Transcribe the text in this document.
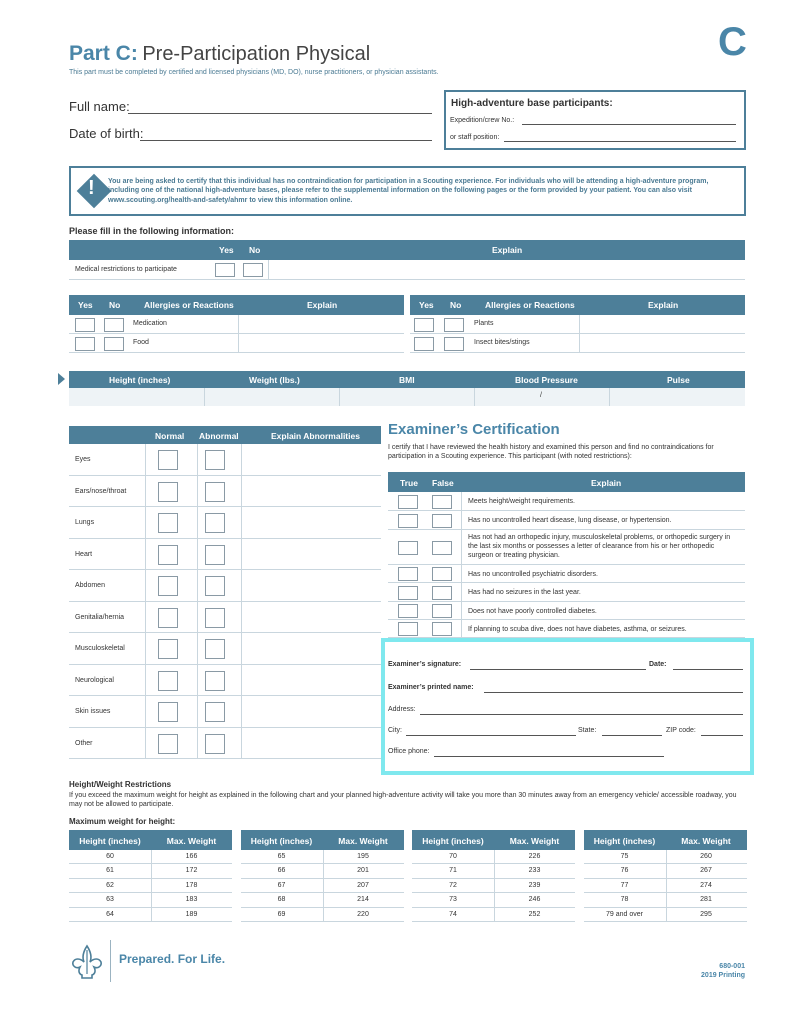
Part C: Pre-Participation Physical	C
This part must be completed by certified and licensed physicians (MD, DO), nurse practitioners, or physician assistants.
Full name:
Date of birth:
High-adventure base participants:
Expedition/crew No.:
or staff position:
! You are being asked to certify that this individual has no contraindication for participation in a Scouting experience. For individuals who will be attending a high-adventure program, including one of the national high-adventure bases, please refer to the supplemental information on the following pages or the form provided by your patient. You can also visit www.scouting.org/health-and-safety/ahmr to view this information online.
Please fill in the following information:
Yes No	Explain
Medical restrictions to participate
Yes No	Allergies or Reactions	Explain
Medication
Food
Yes No	Allergies or Reactions	Explain
Plants
Insect bites/stings
Height (inches)	Weight (lbs.)	BMI	Blood Pressure	Pulse
/
Normal Abnormal	Explain Abnormalities
Eyes
Ears/nose/throat
Lungs
Heart
Abdomen
Genitalia/hernia
Musculoskeletal
Neurological
Skin issues
Other
Examiner’s Certification
I certify that I have reviewed the health history and examined this person and find no contraindications for participation in a Scouting experience. This participant (with noted restrictions):
True False	Explain
Meets height/weight requirements.
Has no uncontrolled heart disease, lung disease, or hypertension.
Has not had an orthopedic injury, musculoskeletal problems, or orthopedic surgery in the last six months or possesses a letter of clearance from his or her orthopedic surgeon or treating physician.
Has no uncontrolled psychiatric disorders.
Has had no seizures in the last year.
Does not have poorly controlled diabetes.
If planning to scuba dive, does not have diabetes, asthma, or seizures.
Examiner’s signature:	Date:
Examiner’s printed name:
Address:
City:	State:	ZIP code:
Office phone:
Height/Weight Restrictions
If you exceed the maximum weight for height as explained in the following chart and your planned high-adventure activity will take you more than 30 minutes away from an emergency vehicle/ accessible roadway, you may not be allowed to participate.
Maximum weight for height:
Height (inches)	Max. Weight
60	166
61	172
62	178
63	183
64	189
Height (inches)	Max. Weight
65	195
66	201
67	207
68	214
69	220
Height (inches)	Max. Weight
70	226
71	233
72	239
73	246
74	252
Height (inches)	Max. Weight
75	260
76	267
77	274
78	281
79 and over	295
Prepared. For Life.
680-001
2019 Printing
